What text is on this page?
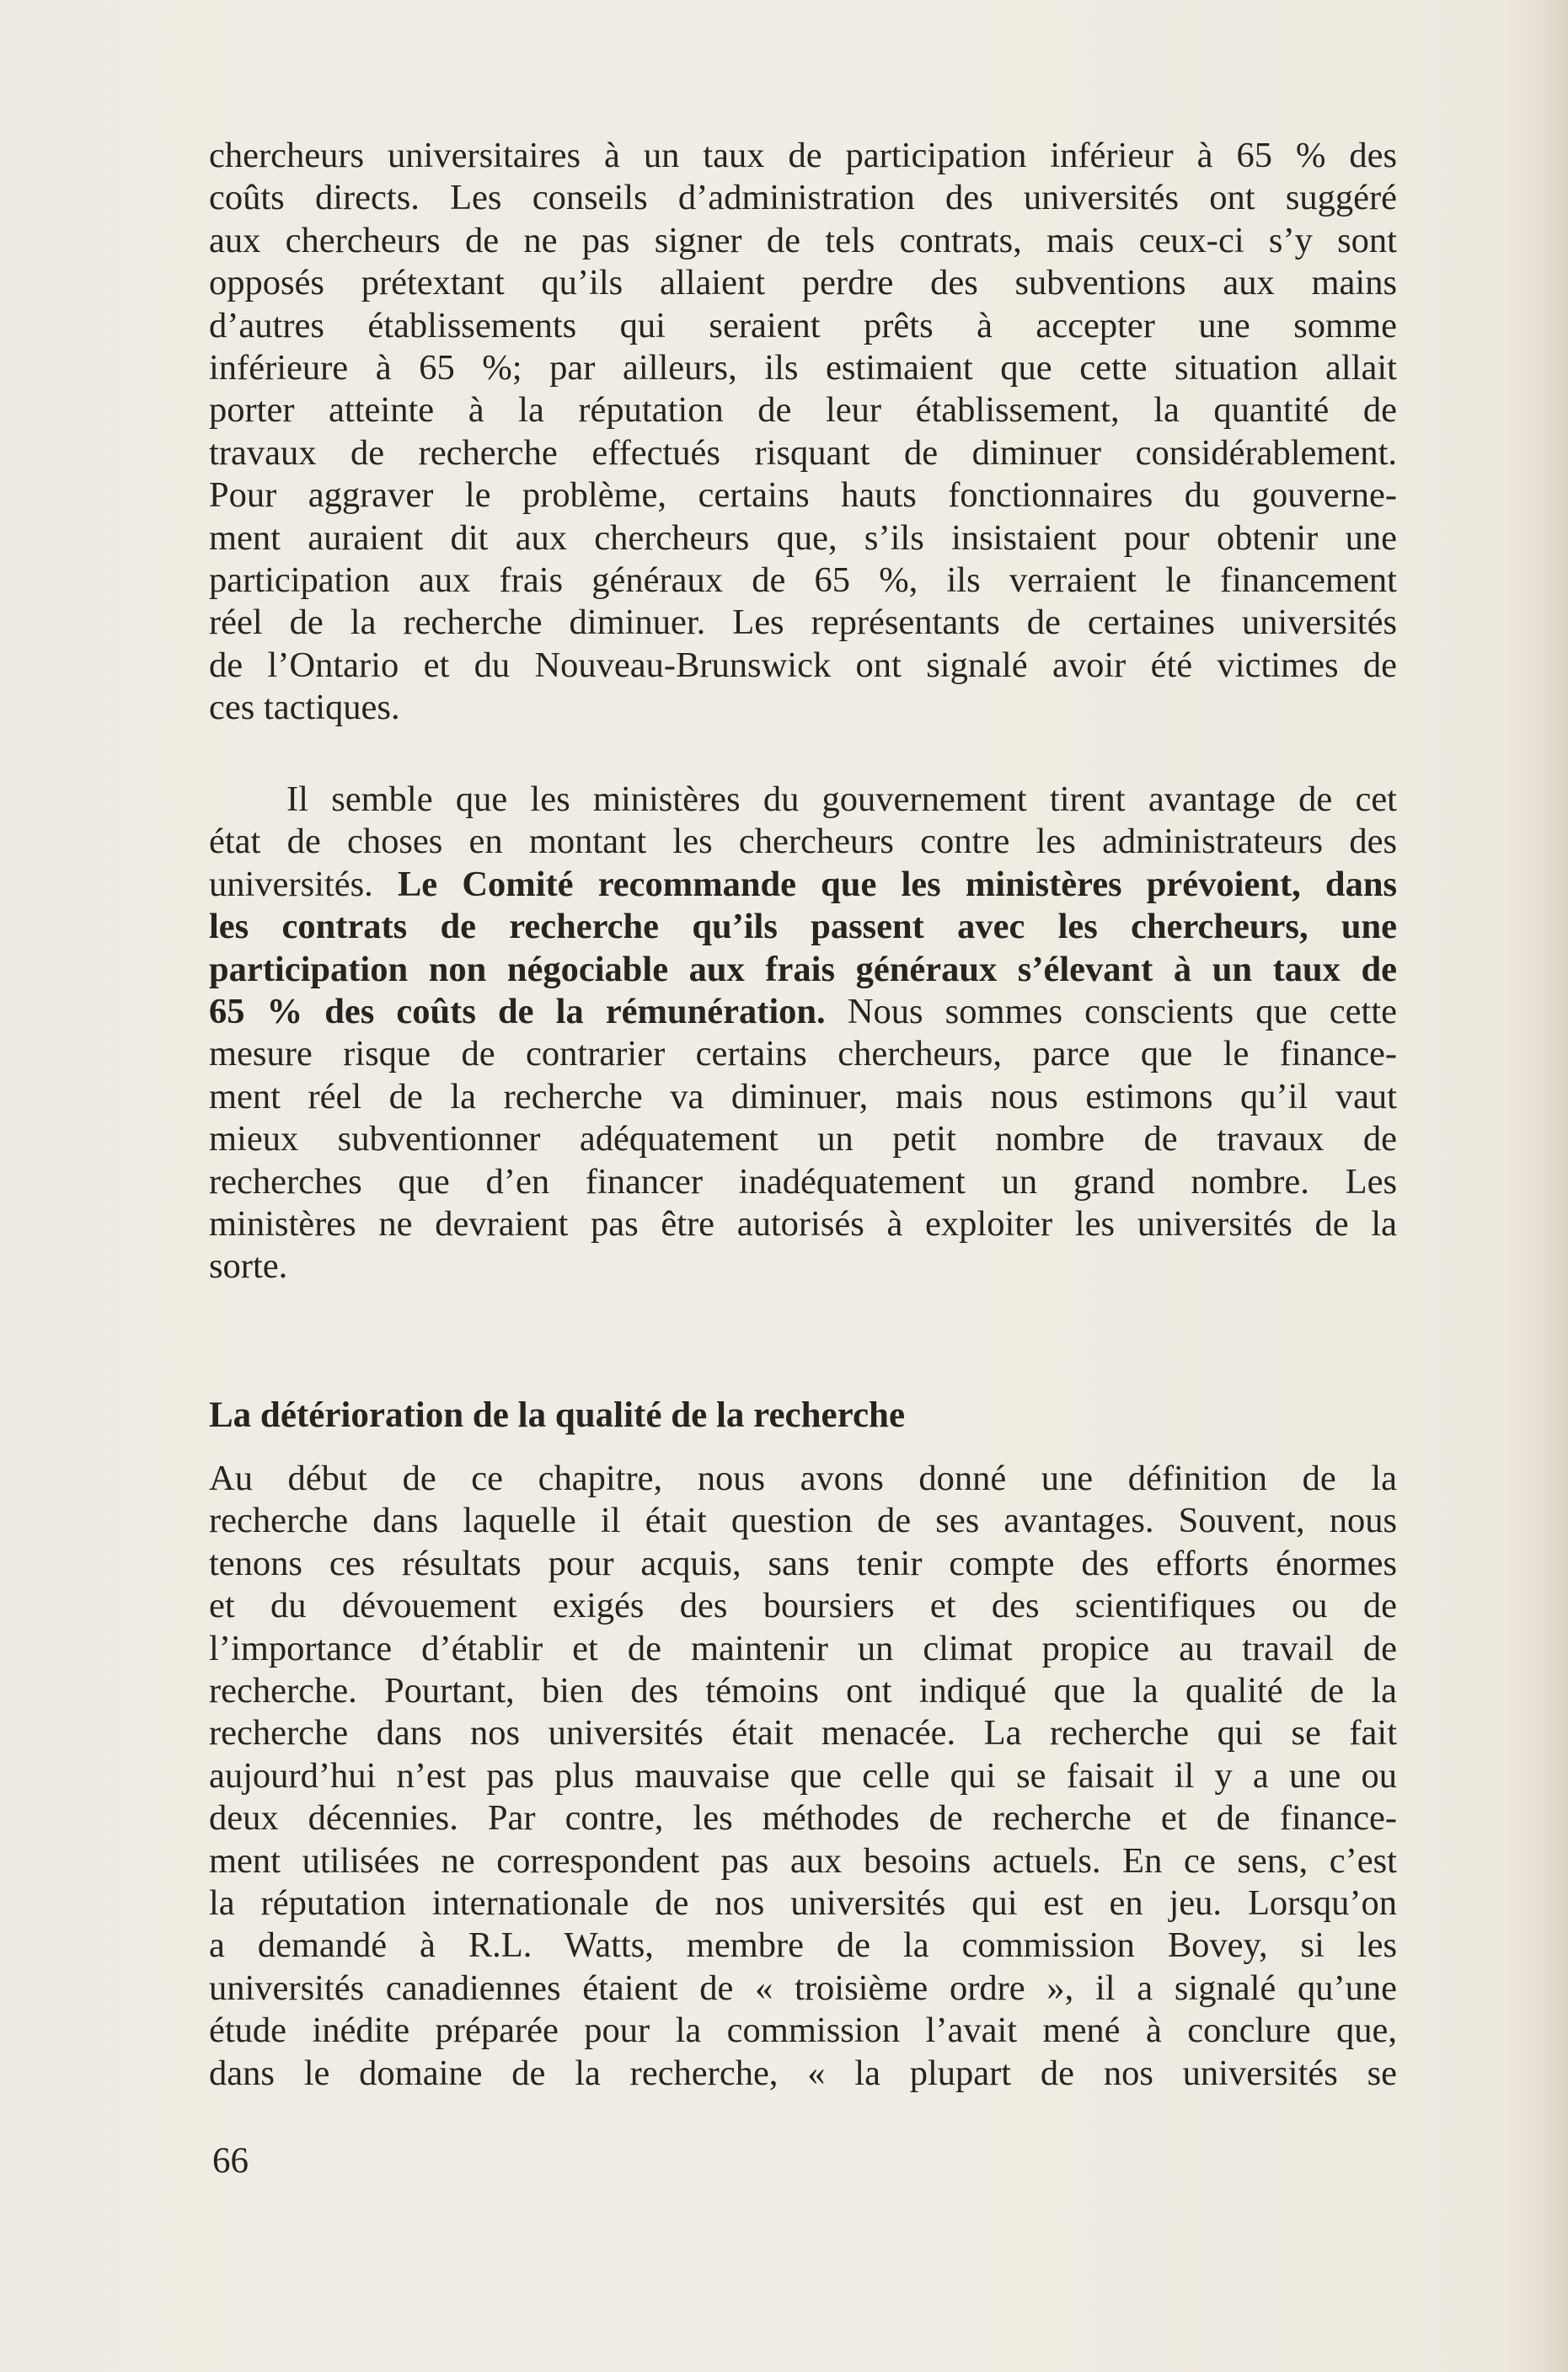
chercheurs universitaires à un taux de participation inférieur à 65 % des
coûts directs. Les conseils d’administration des universités ont suggéré
aux chercheurs de ne pas signer de tels contrats, mais ceux-ci s’y sont
opposés prétextant qu’ils allaient perdre des subventions aux mains
d’autres établissements qui seraient prêts à accepter une somme
inférieure à 65 %; par ailleurs, ils estimaient que cette situation allait
porter atteinte à la réputation de leur établissement, la quantité de
travaux de recherche effectués risquant de diminuer considérablement.
Pour aggraver le problème, certains hauts fonctionnaires du gouverne-
ment auraient dit aux chercheurs que, s’ils insistaient pour obtenir une
participation aux frais généraux de 65 %, ils verraient le financement
réel de la recherche diminuer. Les représentants de certaines universités
de l’Ontario et du Nouveau-Brunswick ont signalé avoir été victimes de
ces tactiques.

Il semble que les ministères du gouvernement tirent avantage de cet
état de choses en montant les chercheurs contre les administrateurs des
universités. Le Comité recommande que les ministères prévoient, dans
les contrats de recherche qu’ils passent avec les chercheurs, une
participation non négociable aux frais généraux s’élevant à un taux de
65 % des coûts de la rémunération. Nous sommes conscients que cette
mesure risque de contrarier certains chercheurs, parce que le finance-
ment réel de la recherche va diminuer, mais nous estimons qu’il vaut
mieux subventionner adéquatement un petit nombre de travaux de
recherches que d’en financer inadéquatement un grand nombre. Les
ministères ne devraient pas être autorisés à exploiter les universités de la
sorte.

La détérioration de la qualité de la recherche

Au début de ce chapitre, nous avons donné une définition de la
recherche dans laquelle il était question de ses avantages. Souvent, nous
tenons ces résultats pour acquis, sans tenir compte des efforts énormes
et du dévouement exigés des boursiers et des scientifiques ou de
l’importance d’établir et de maintenir un climat propice au travail de
recherche. Pourtant, bien des témoins ont indiqué que la qualité de la
recherche dans nos universités était menacée. La recherche qui se fait
aujourd’hui n’est pas plus mauvaise que celle qui se faisait il y a une ou
deux décennies. Par contre, les méthodes de recherche et de finance-
ment utilisées ne correspondent pas aux besoins actuels. En ce sens, c’est
la réputation internationale de nos universités qui est en jeu. Lorsqu’on
a demandé à R.L. Watts, membre de la commission Bovey, si les
universités canadiennes étaient de « troisième ordre », il a signalé qu’une
étude inédite préparée pour la commission l’avait mené à conclure que,
dans le domaine de la recherche, « la plupart de nos universités se

66
